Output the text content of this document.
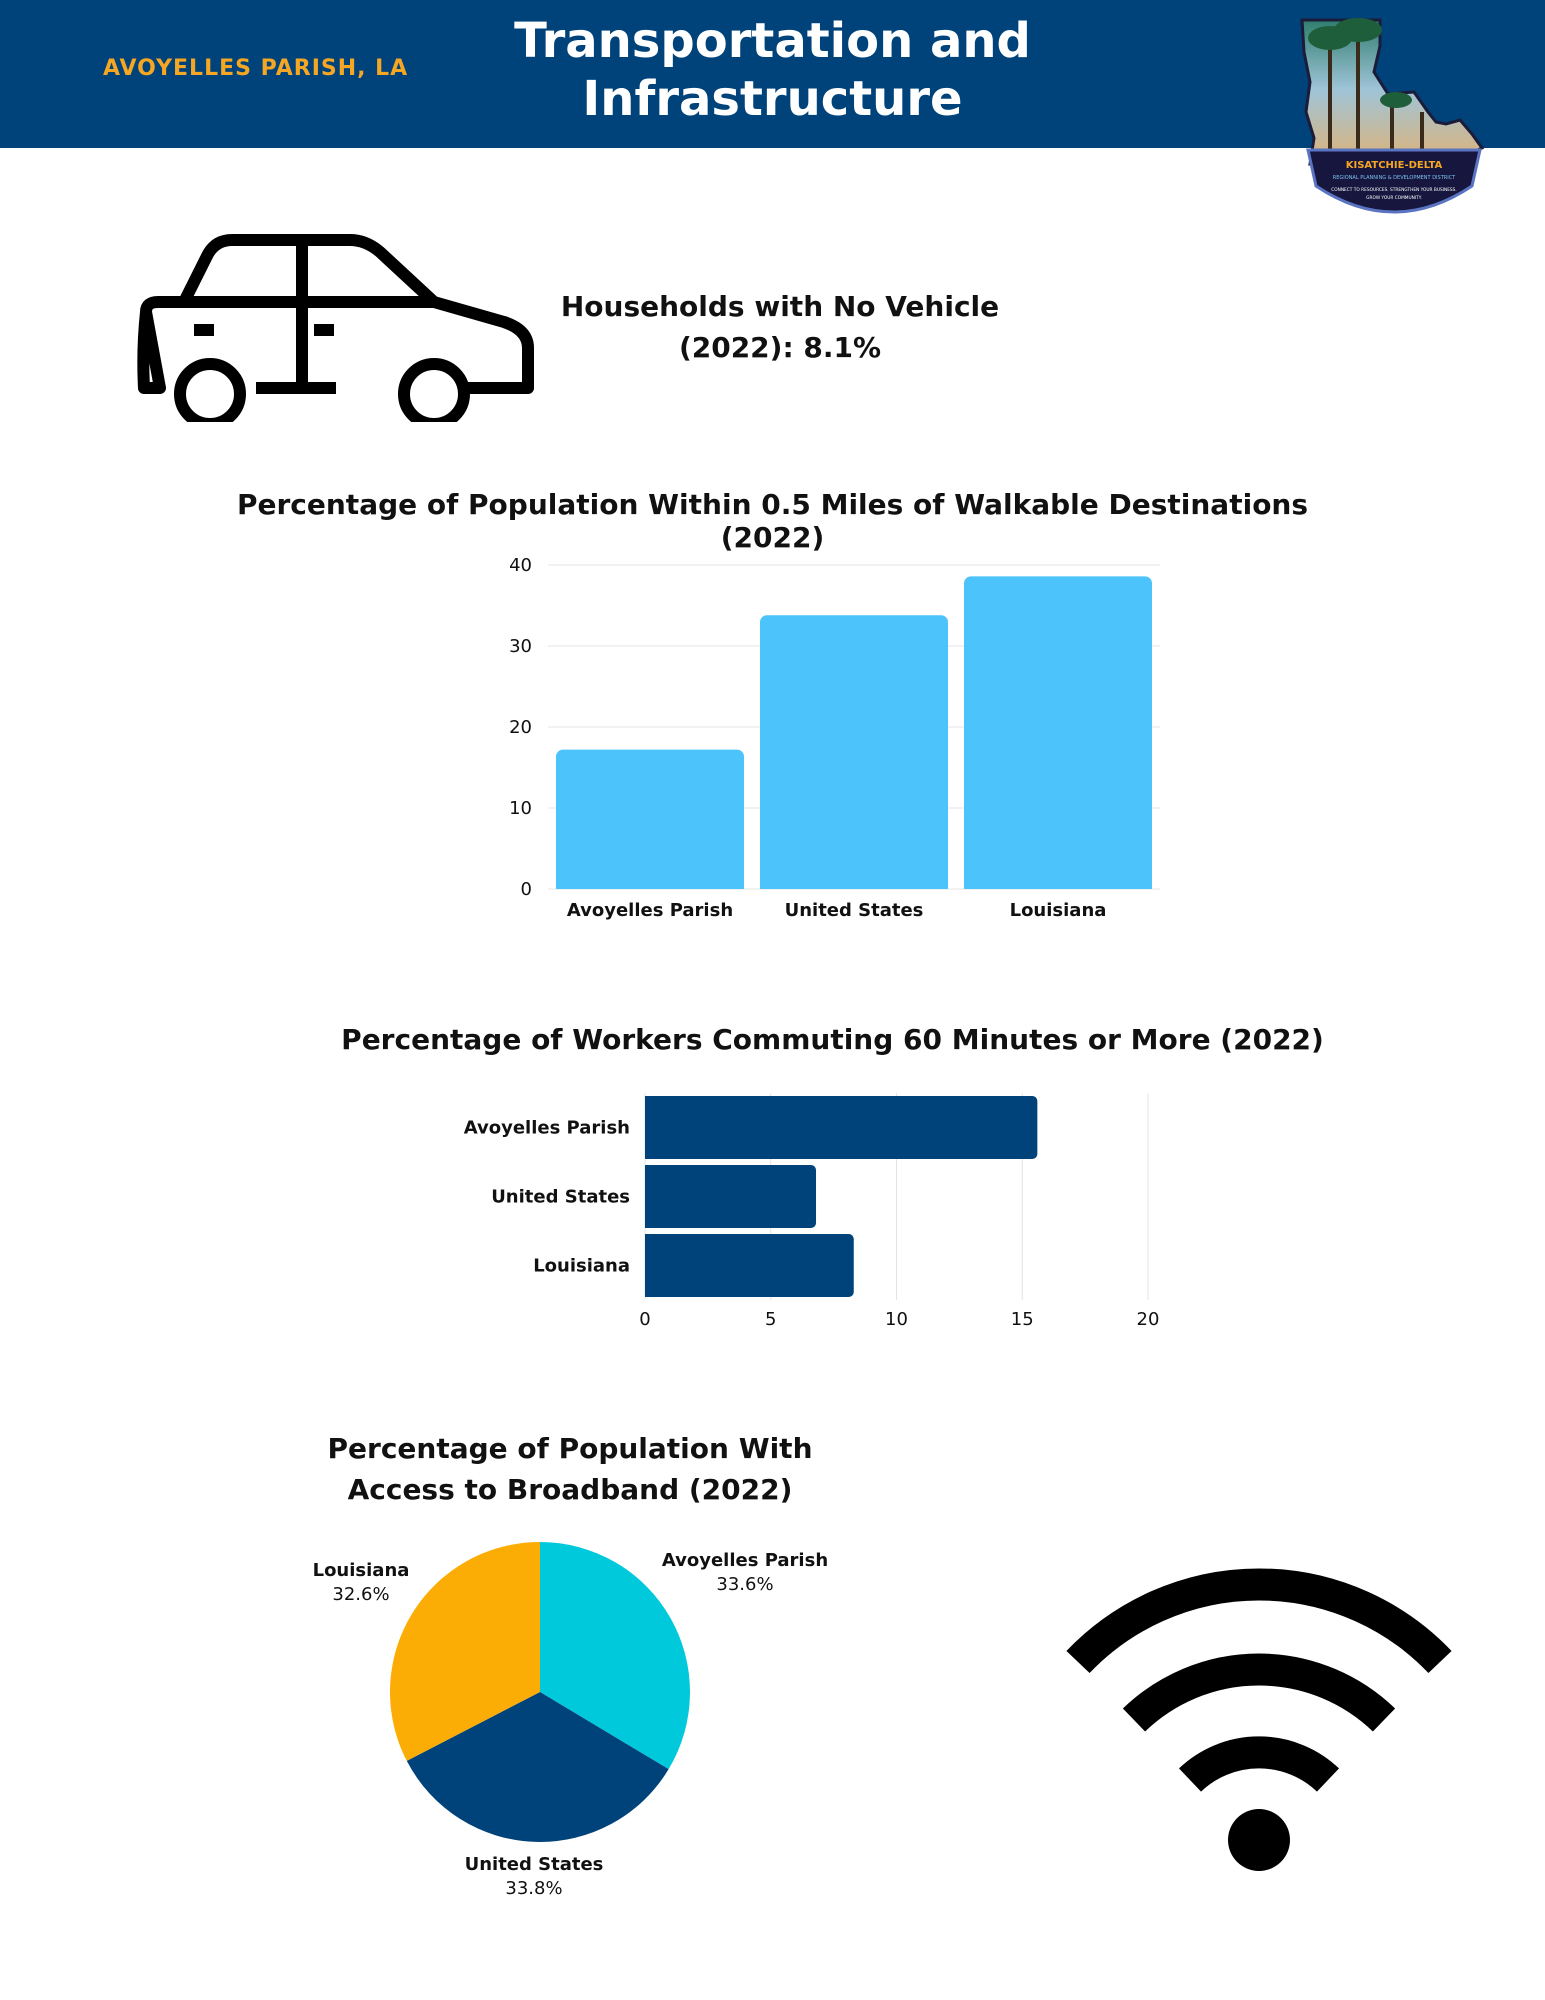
AVOYELLES PARISH, LA	Transportation and
Infrastructure
KISATCHIE-DELTA
REGIONAL PLANNING & DEVELOPMENT DISTRICT
CONNECT TO RESOURCES. STRENGTHEN YOUR BUSINESS.
GROW YOUR COMMUNITY.
Households with No Vehicle
(2022): 8.1%
Percentage of Population Within 0.5 Miles of Walkable Destinations (2022)
0
10
20
30
40
Avoyelles Parish	United States	Louisiana
Percentage of Workers Commuting 60 Minutes or More (2022)
0	5	10	15	20
Avoyelles Parish
United States
Louisiana
Percentage of Population With
Access to Broadband (2022)
Avoyelles Parish
33.6%
United States
33.8%
Louisiana
32.6%
